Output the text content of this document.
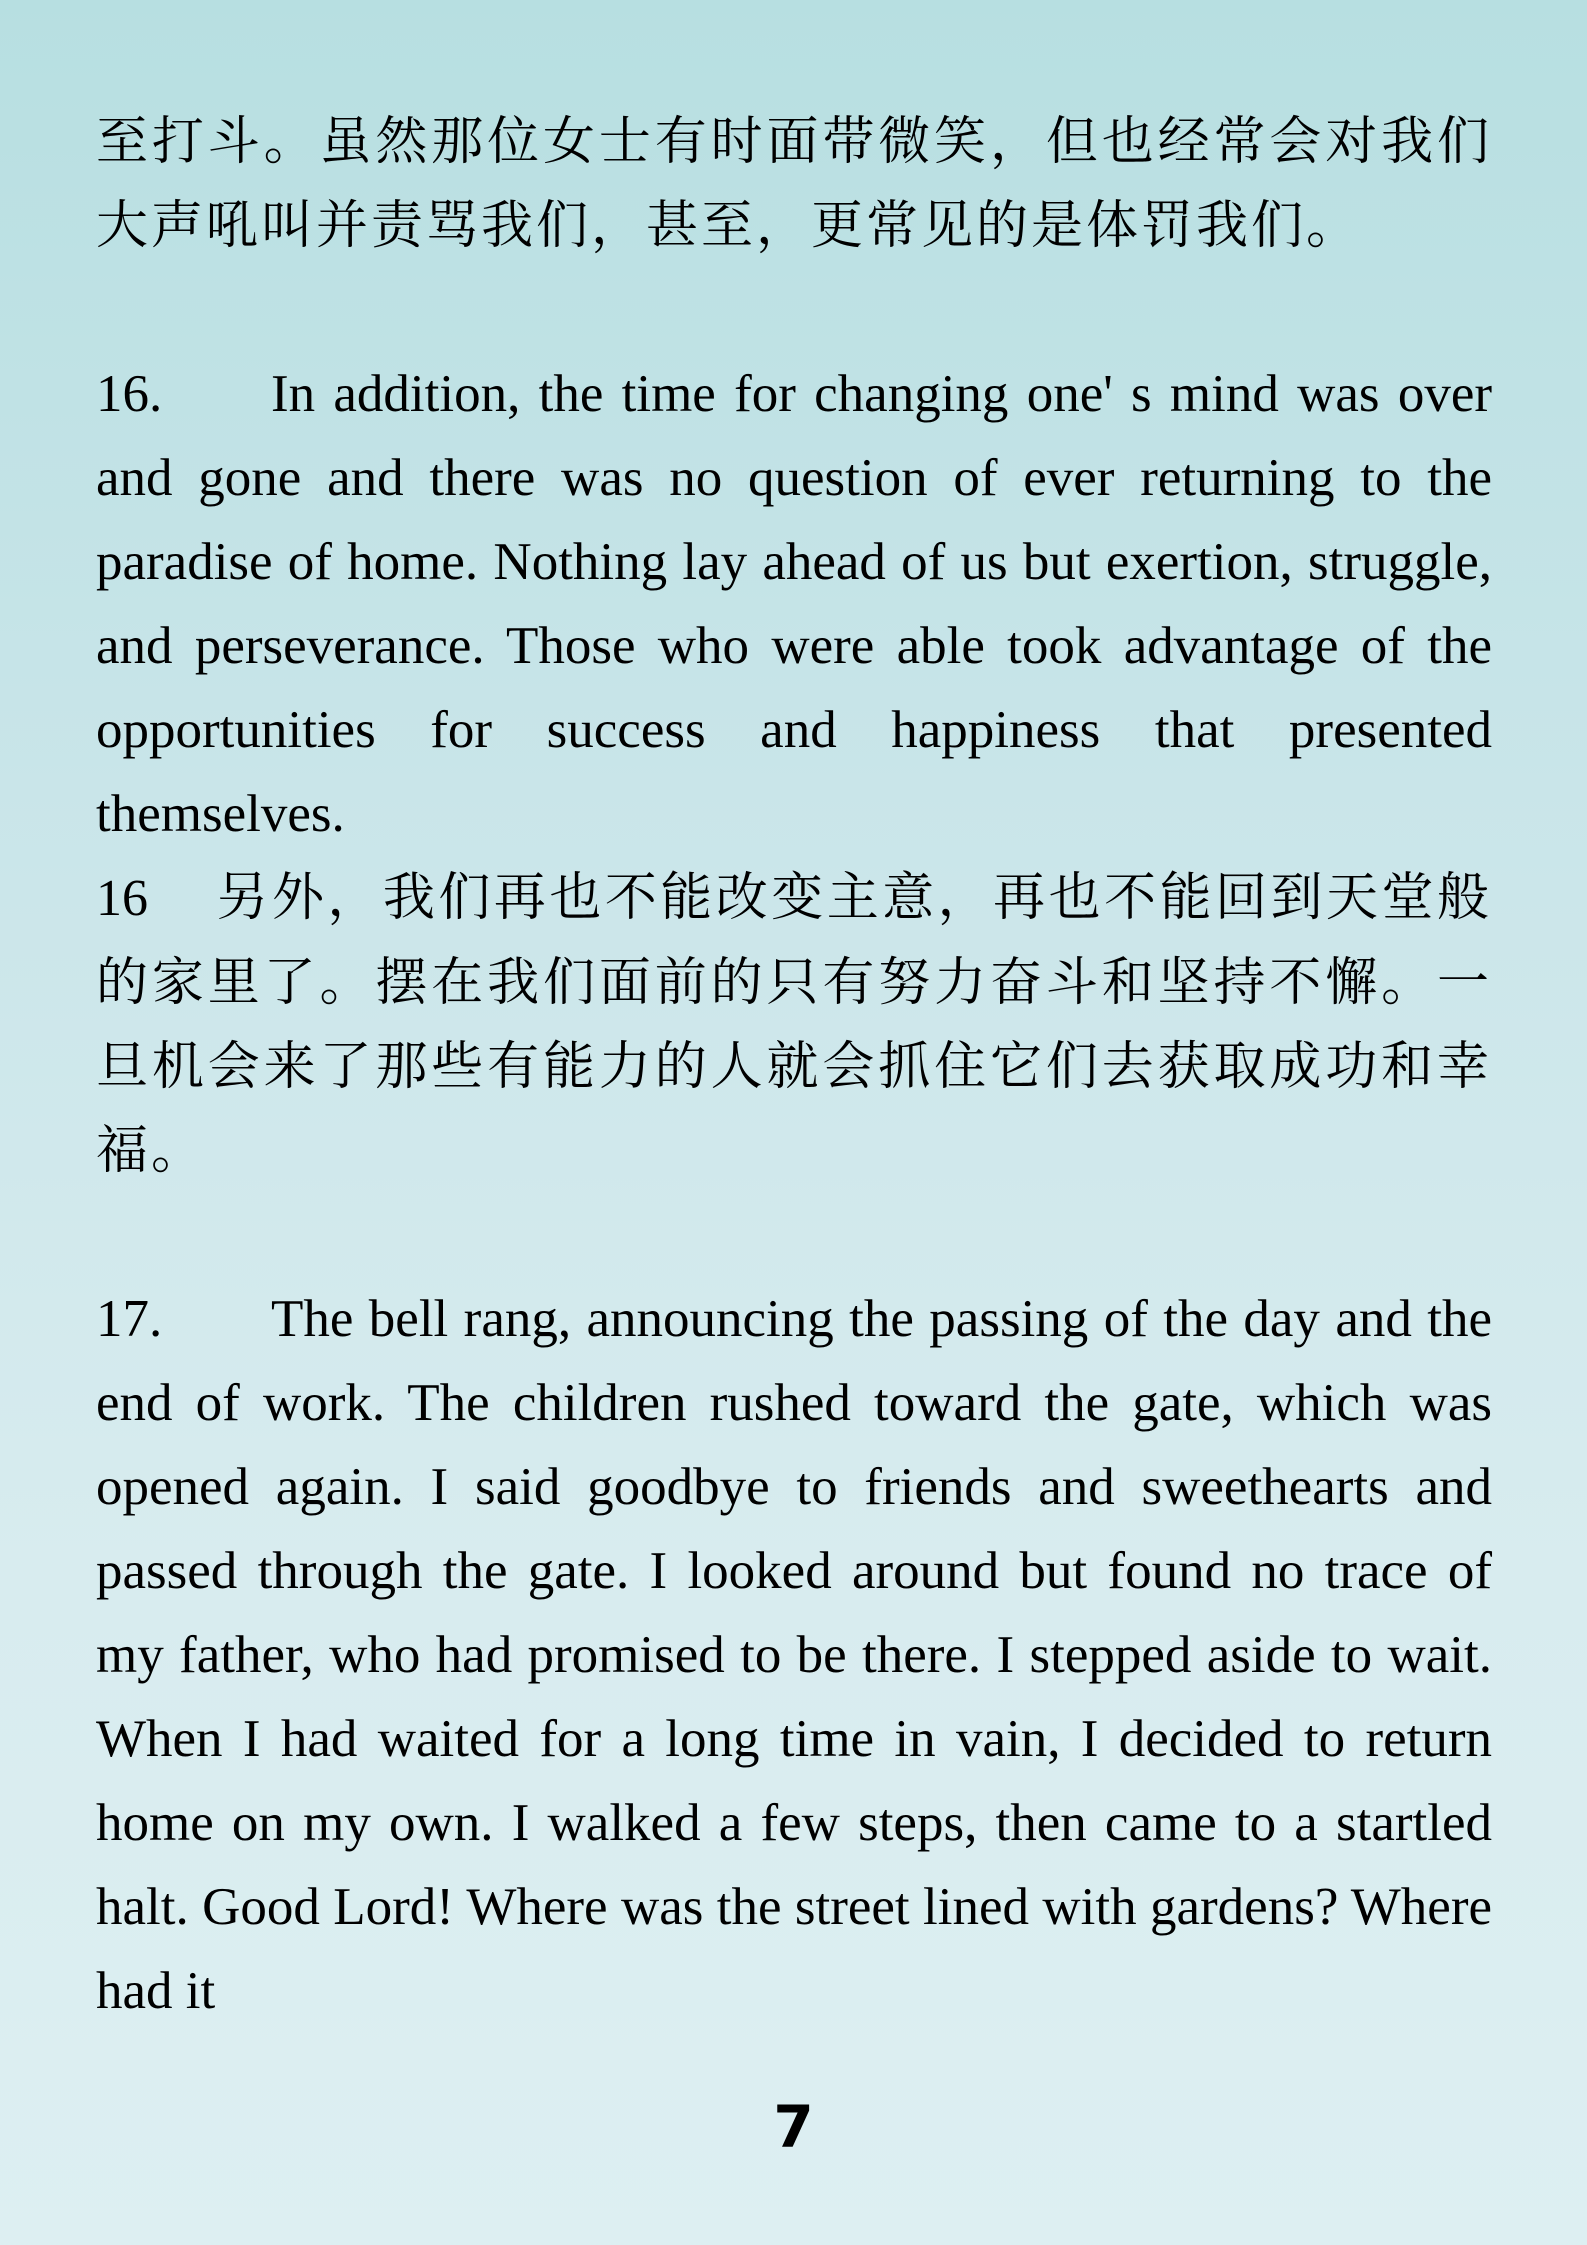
至打斗。虽然那位女士有时面带微笑，但也经常会对我们大声吼叫并责骂我们，甚至，更常见的是体罚我们。

16. In addition, the time for changing one' s mind was over and gone and there was no question of ever returning to the paradise of home. Nothing lay ahead of us but exertion, struggle, and perseverance. Those who were able took advantage of the opportunities for success and happiness that presented themselves.

16 另外，我们再也不能改变主意，再也不能回到天堂般的家里了。摆在我们面前的只有努力奋斗和坚持不懈。一旦机会来了那些有能力的人就会抓住它们去获取成功和幸福。

17. The bell rang, announcing the passing of the day and the end of work. The children rushed toward the gate, which was opened again. I said goodbye to friends and sweethearts and passed through the gate. I looked around but found no trace of my father, who had promised to be there. I stepped aside to wait. When I had waited for a long time in vain, I decided to return home on my own. I walked a few steps, then came to a startled halt. Good Lord! Where was the street lined with gardens? Where had it

7
